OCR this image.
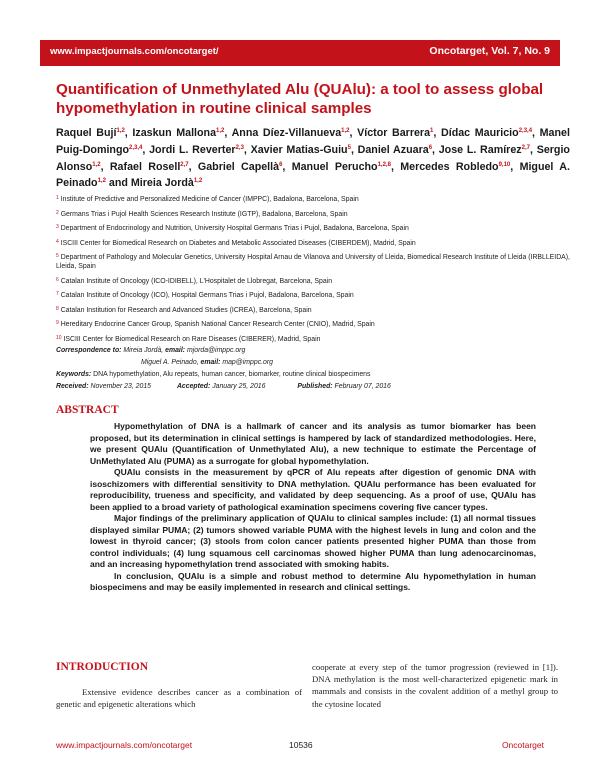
www.impactjournals.com/oncotarget/	Oncotarget, Vol. 7, No. 9
Quantification of Unmethylated Alu (QUAlu): a tool to assess global hypomethylation in routine clinical samples
Raquel Bují$^{1,2}$, Izaskun Mallona$^{1,2}$, Anna Díez-Villanueva$^{1,2}$, Víctor Barrera$^1$, Dídac Mauricio$^{2,3,4}$, Manel Puig-Domingo$^{2,3,4}$, Jordi L. Reverter$^{2,3}$, Xavier Matias-Guiu$^5$, Daniel Azuara$^6$, Jose L. Ramírez$^{2,7}$, Sergio Alonso$^{1,2}$, Rafael Rosell$^{2,7}$, Gabriel Capellà$^6$, Manuel Perucho$^{1,2,8}$, Mercedes Robledo$^{9,10}$, Miguel A. Peinado$^{1,2}$ and Mireia Jordà$^{1,2}$
$^1$ Institute of Predictive and Personalized Medicine of Cancer (IMPPC), Badalona, Barcelona, Spain
$^2$ Germans Trias i Pujol Health Sciences Research Institute (IGTP), Badalona, Barcelona, Spain
$^3$ Department of Endocrinology and Nutrition, University Hospital Germans Trias i Pujol, Badalona, Barcelona, Spain
$^4$ ISCIII Center for Biomedical Research on Diabetes and Metabolic Associated Diseases (CIBERDEM), Madrid, Spain
$^5$ Department of Pathology and Molecular Genetics, University Hospital Arnau de Vilanova and University of Lleida, Biomedical Research Institute of Lleida (IRBLLEIDA), Lleida, Spain
$^6$ Catalan Institute of Oncology (ICO-IDIBELL), L'Hospitalet de Llobregat, Barcelona, Spain
$^7$ Catalan Institute of Oncology (ICO), Hospital Germans Trias i Pujol, Badalona, Barcelona, Spain
$^8$ Catalan Institution for Research and Advanced Studies (ICREA), Barcelona, Spain
$^9$ Hereditary Endocrine Cancer Group, Spanish National Cancer Research Center (CNIO), Madrid, Spain
$^{10}$ ISCIII Center for Biomedical Research on Rare Diseases (CIBERER), Madrid, Spain
Correspondence to: Mireia Jordà, email: mjorda@imppc.org
Miguel A. Peinado, email: map@imppc.org
Keywords: DNA hypomethylation, Alu repeats, human cancer, biomarker, routine clinical biospecimens
Received: November 23, 2015	Accepted: January 25, 2016	Published: February 07, 2016
ABSTRACT

Hypomethylation of DNA is a hallmark of cancer and its analysis as tumor biomarker has been proposed, but its determination in clinical settings is hampered by lack of standardized methodologies. Here, we present QUAlu (Quantification of Unmethylated Alu), a new technique to estimate the Percentage of UnMethylated Alu (PUMA) as a surrogate for global hypomethylation.

QUAlu consists in the measurement by qPCR of Alu repeats after digestion of genomic DNA with isoschizomers with differential sensitivity to DNA methylation. QUAlu performance has been evaluated for reproducibility, trueness and specificity, and validated by deep sequencing. As a proof of use, QUAlu has been applied to a broad variety of pathological examination specimens covering five cancer types.

Major findings of the preliminary application of QUAlu to clinical samples include: (1) all normal tissues displayed similar PUMA; (2) tumors showed variable PUMA with the highest levels in lung and colon and the lowest in thyroid cancer; (3) stools from colon cancer patients presented higher PUMA than those from control individuals; (4) lung squamous cell carcinomas showed higher PUMA than lung adenocarcinomas, and an increasing hypomethylation trend associated with smoking habits.

In conclusion, QUAlu is a simple and robust method to determine Alu hypomethylation in human biospecimens and may be easily implemented in research and clinical settings.

INTRODUCTION
Extensive evidence describes cancer as a combination of genetic and epigenetic alterations which
cooperate at every step of the tumor progression (reviewed in [1]). DNA methylation is the most well-characterized epigenetic mark in mammals and consists in the covalent addition of a methyl group to the cytosine located
www.impactjournals.com/oncotarget	10536	Oncotarget
